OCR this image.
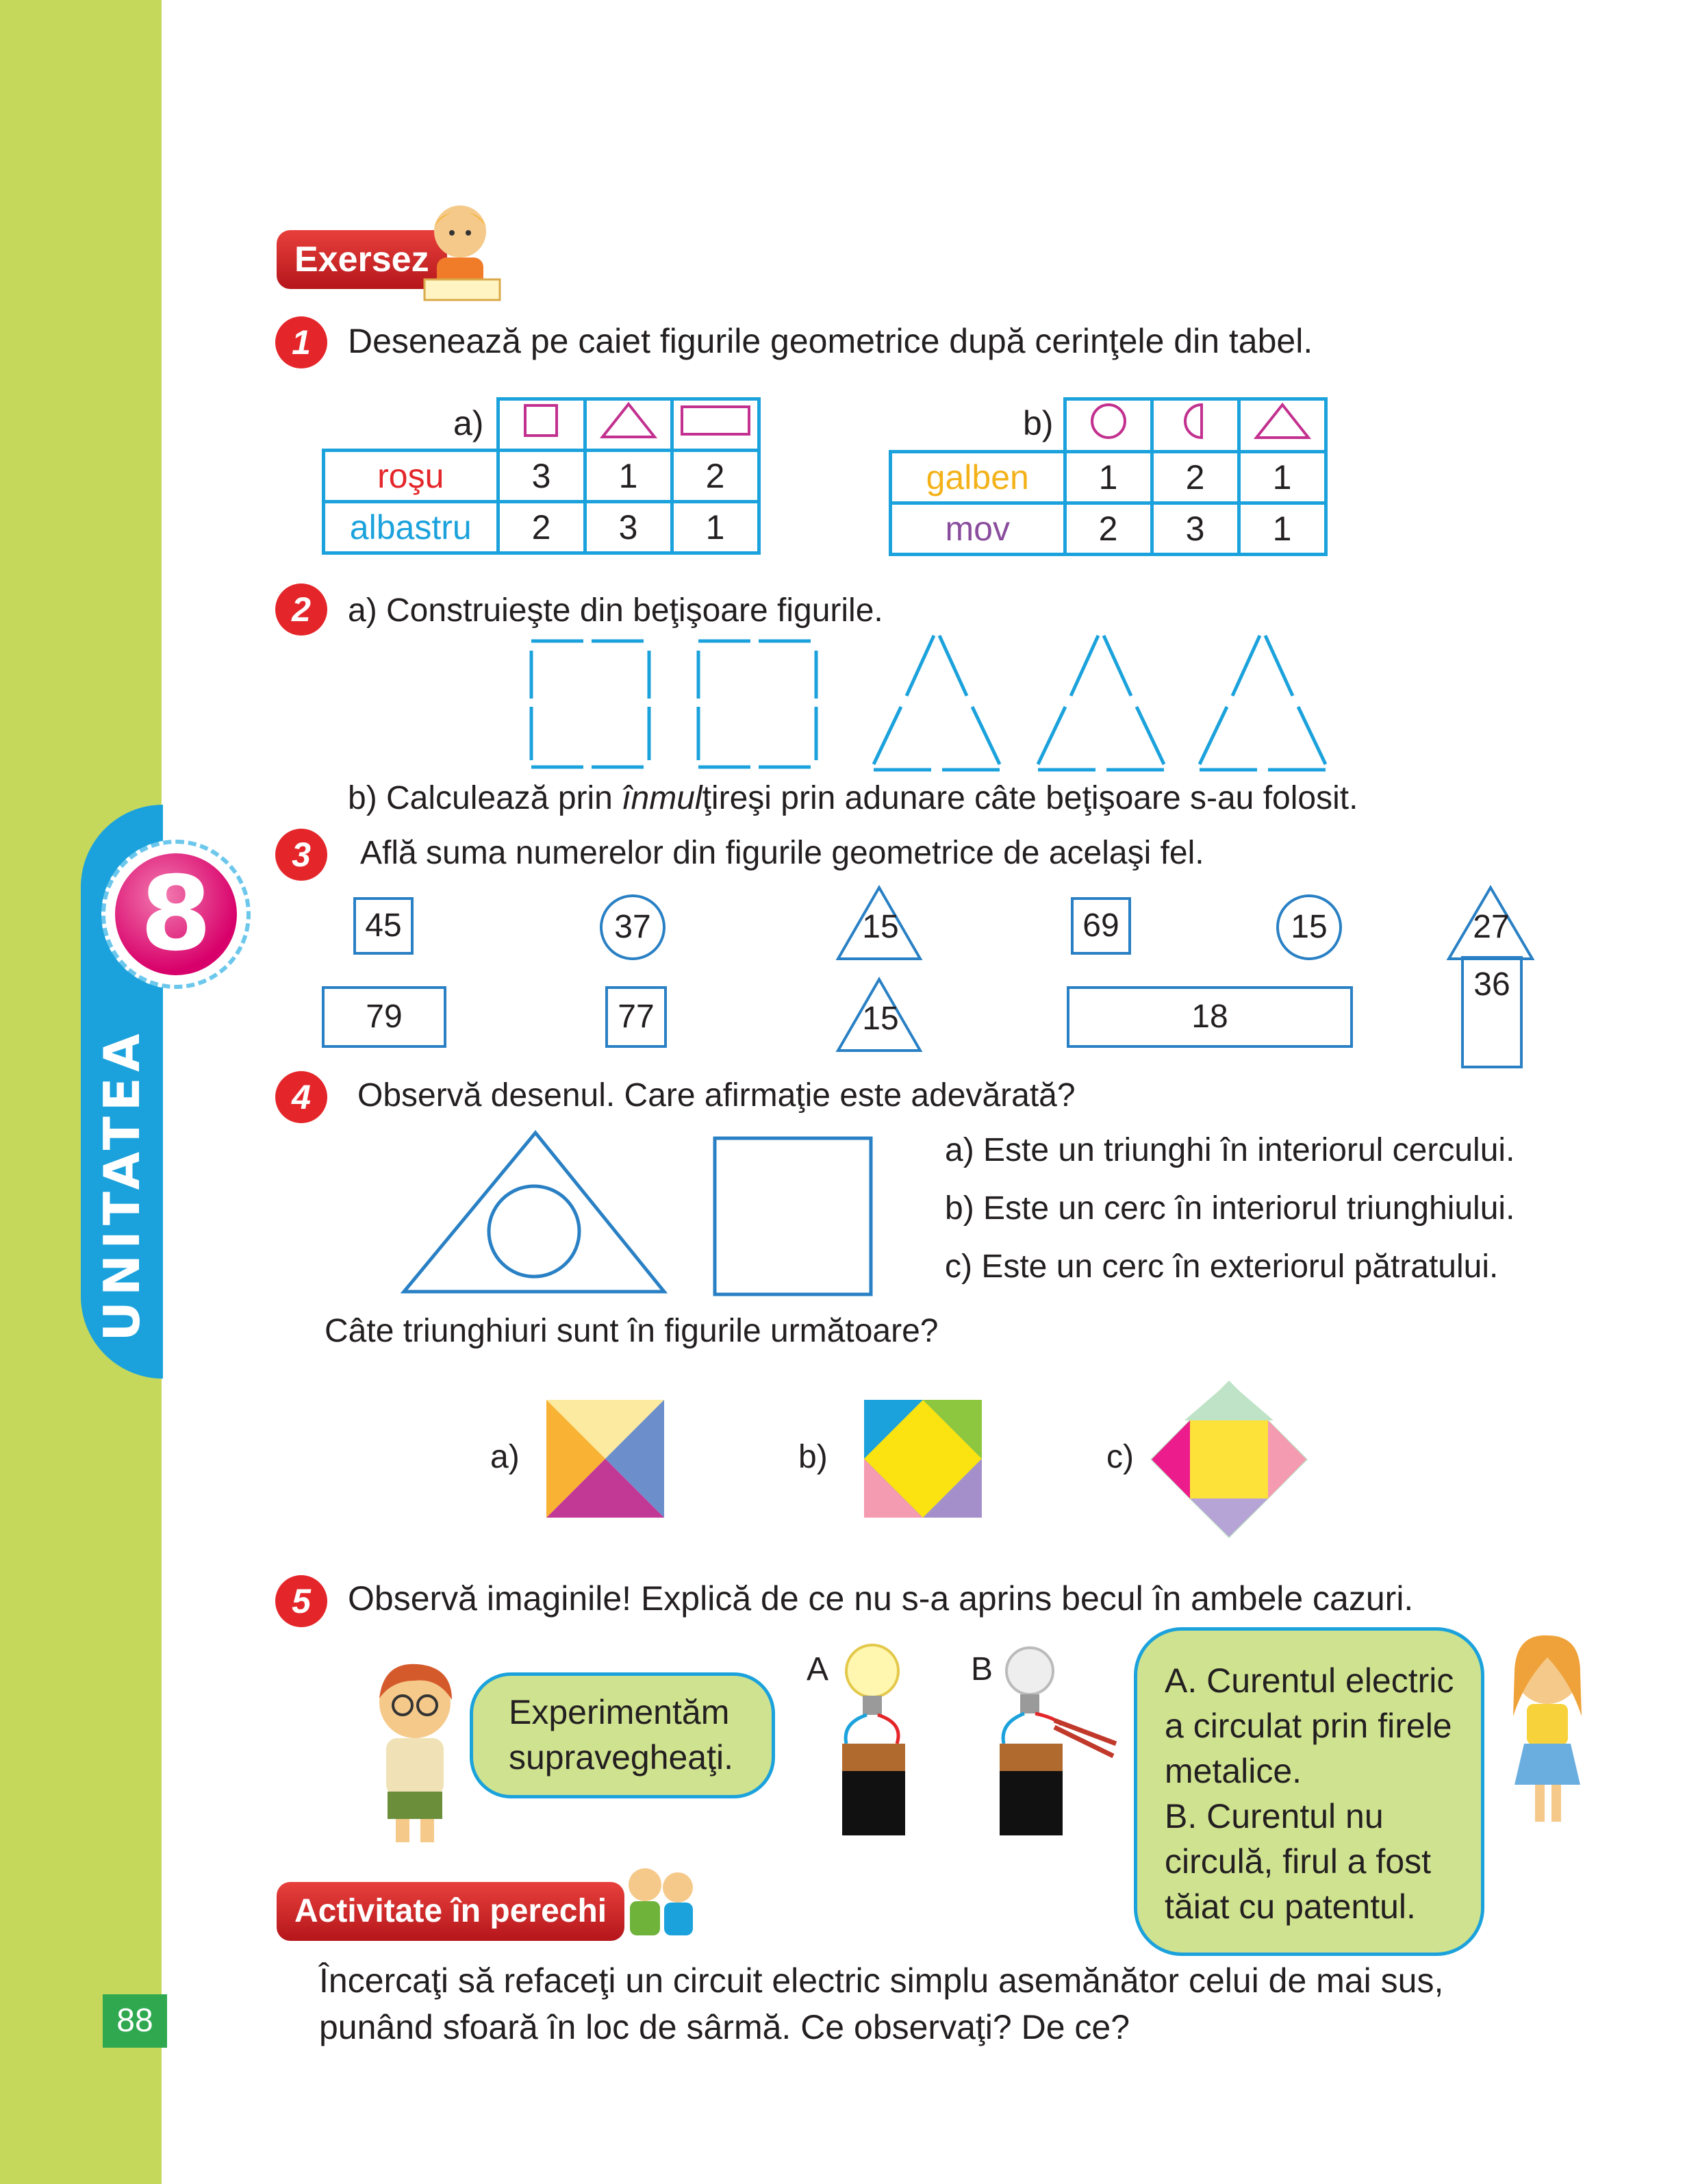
UNITATEA
8
88
Exersez
1	Desenează pe caiet figurile geometrice după cerinţele din tabel.
a)

roşu	3	1	2
albastru	2	3	1
b)

galben	1	2	1
mov	2	3	1
2	a) Construieşte din beţişoare figurile.
b) Calculează prin înmulţireşi prin adunare câte beţişoare s-au folosit.
3	Află suma numerelor din figurile geometrice de acelaşi fel.
45	37	15	69	15	27
79	77	15	18
36
4	Observă desenul. Care afirmaţie este adevărată?
a) Este un triunghi în interiorul cercului.
b) Este un cerc în interiorul triunghiului.
c) Este un cerc în exteriorul pătratului.
Câte triunghiuri sunt în figurile următoare?
a)	b)	c)
5	Observă imaginile! Explică de ce nu s-a aprins becul în ambele cazuri.
Experimentăm
supravegheaţi.
A	B	A. Curentul electric
a circulat prin firele
metalice.
B. Curentul nu
circulă, firul a fost
tăiat cu patentul.
Activitate în perechi
Încercaţi să refaceţi un circuit electric simplu asemănător celui de mai sus,
punând sfoară în loc de sârmă. Ce observaţi? De ce?
